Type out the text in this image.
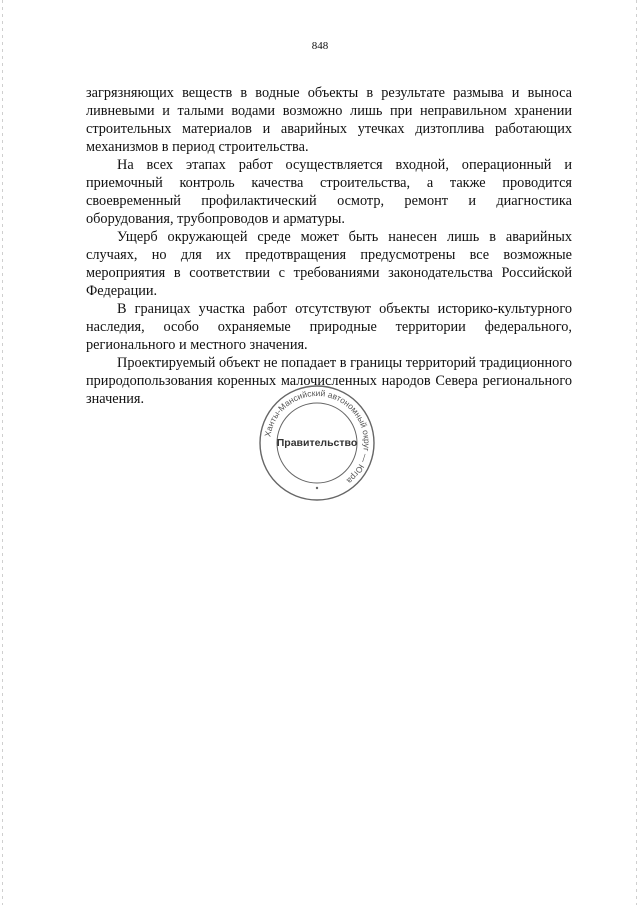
848

загрязняющих веществ в водные объекты в результате размыва и выноса ливневыми и талыми водами возможно лишь при неправильном хранении строительных материалов и аварийных утечках дизтоплива работающих механизмов в период строительства.

На всех этапах работ осуществляется входной, операционный и приемочный контроль качества строительства, а также проводится своевременный профилактический осмотр, ремонт и диагностика оборудования, трубопроводов и арматуры.

Ущерб окружающей среде может быть нанесен лишь в аварийных случаях, но для их предотвращения предусмотрены все возможные мероприятия в соответствии с требованиями законодательства Российской Федерации.

В границах участка работ отсутствуют объекты историко-культурного наследия, особо охраняемые природные территории федерального, регионального и местного значения.

Проектируемый объект не попадает в границы территорий традиционного природопользования коренных малочисленных народов Севера регионального значения.

Ханты-Мансийский автономный округ — Югра
Правительство
